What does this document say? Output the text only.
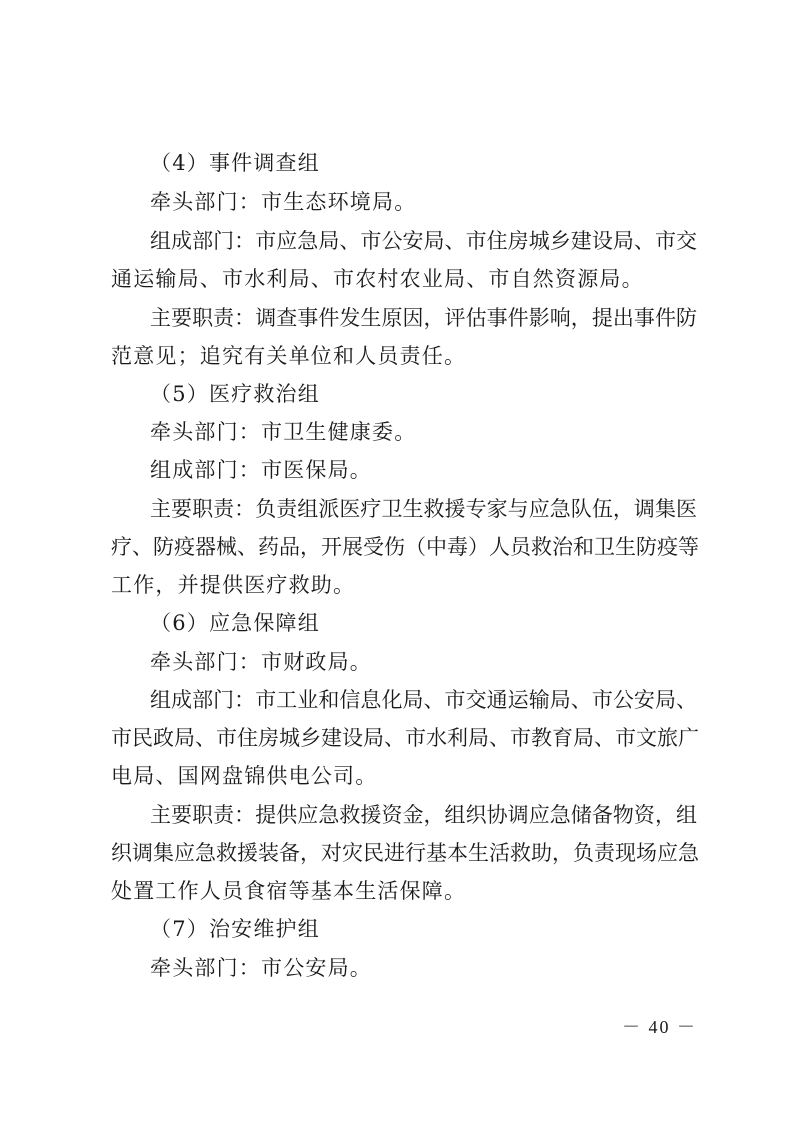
（4）事件调查组
牵头部门：市生态环境局。
组成部门：市应急局、市公安局、市住房城乡建设局、市交
通运输局、市水利局、市农村农业局、市自然资源局。
主要职责：调查事件发生原因，评估事件影响，提出事件防
范意见；追究有关单位和人员责任。
（5）医疗救治组
牵头部门：市卫生健康委。
组成部门：市医保局。
主要职责：负责组派医疗卫生救援专家与应急队伍，调集医
疗、防疫器械、药品，开展受伤（中毒）人员救治和卫生防疫等
工作，并提供医疗救助。
（6）应急保障组
牵头部门：市财政局。
组成部门：市工业和信息化局、市交通运输局、市公安局、
市民政局、市住房城乡建设局、市水利局、市教育局、市文旅广
电局、国网盘锦供电公司。
主要职责：提供应急救援资金，组织协调应急储备物资，组
织调集应急救援装备，对灾民进行基本生活救助，负责现场应急
处置工作人员食宿等基本生活保障。
（7）治安维护组
牵头部门：市公安局。
－ 40 －
